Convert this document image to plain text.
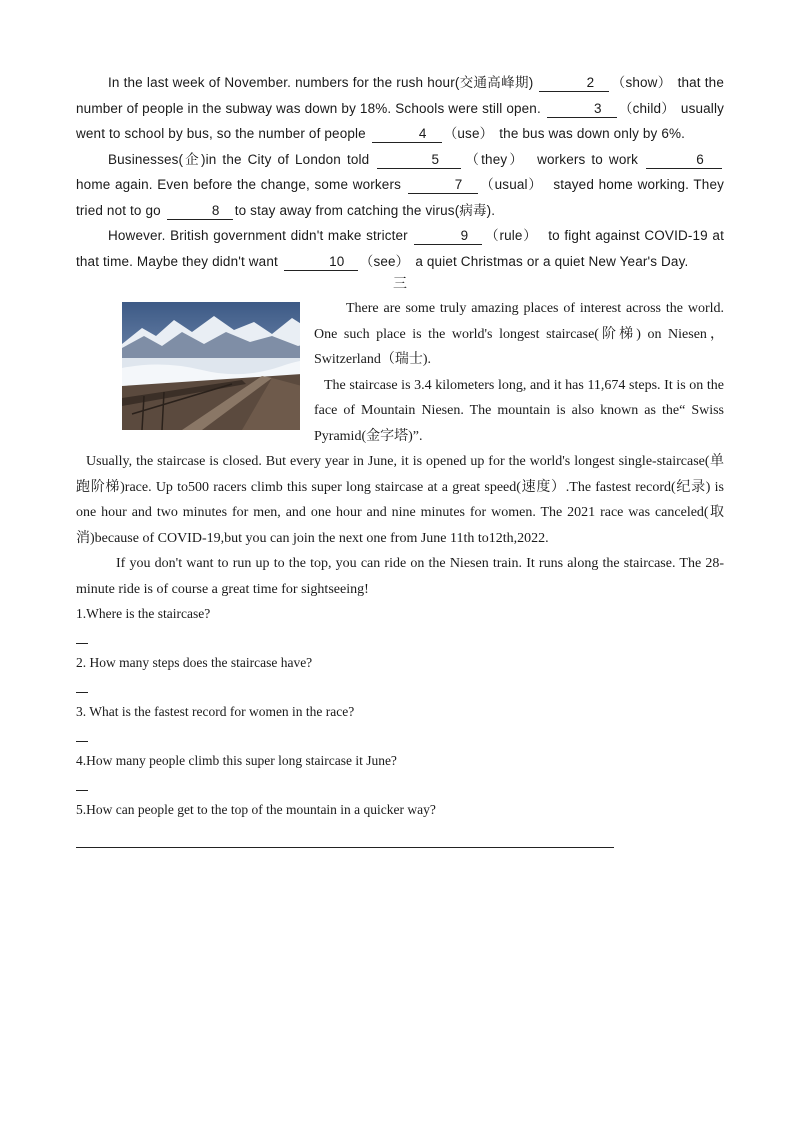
In the last week of November. numbers for the rush hour(交通高峰期)	2 （show） that the number of people in the subway was down by 18%. Schools were still open.	3 （child） usually went to school by bus, so the number of people	4 （use） the bus was down only by 6%.

Businesses(企)in the City of London told	5 （they） workers to work	6 home again. Even before the change, some workers	7 （usual） stayed home working. They tried not to go	8 to stay away from catching the virus(病毒).

However. British government didn't make stricter	9 （rule） to fight against COVID-19 at that time. Maybe they didn't want	10 （see） a quiet Christmas or a quiet New Year's Day.

三

There are some truly amazing places of interest across the world. One such place is the world's longest staircase(阶梯) on Niesen，Switzerland（瑞士).

The staircase is 3.4 kilometers long, and it has 11,674 steps. It is on the face of Mountain Niesen. The mountain is also known as the“ Swiss Pyramid(金字塔)”.

Usually, the staircase is closed. But every year in June, it is opened up for the world's longest single-staircase(单跑阶梯)race. Up to500 racers climb this super long staircase at a great speed(速度）.The fastest record(纪录) is one hour and two minutes for men, and one hour and nine minutes for women. The 2021 race was canceled(取消)because of COVID-19,but you can join the next one from June 11th to12th,2022.

If you don't want to run up to the top, you can ride on the Niesen train. It runs along the staircase. The 28-minute ride is of course a great time for sightseeing!

1.Where is the staircase?
2. How many steps does the staircase have?
3. What is the fastest record for women in the race?
4.How many people climb this super long staircase it June?
5.How can people get to the top of the mountain in a quicker way?
